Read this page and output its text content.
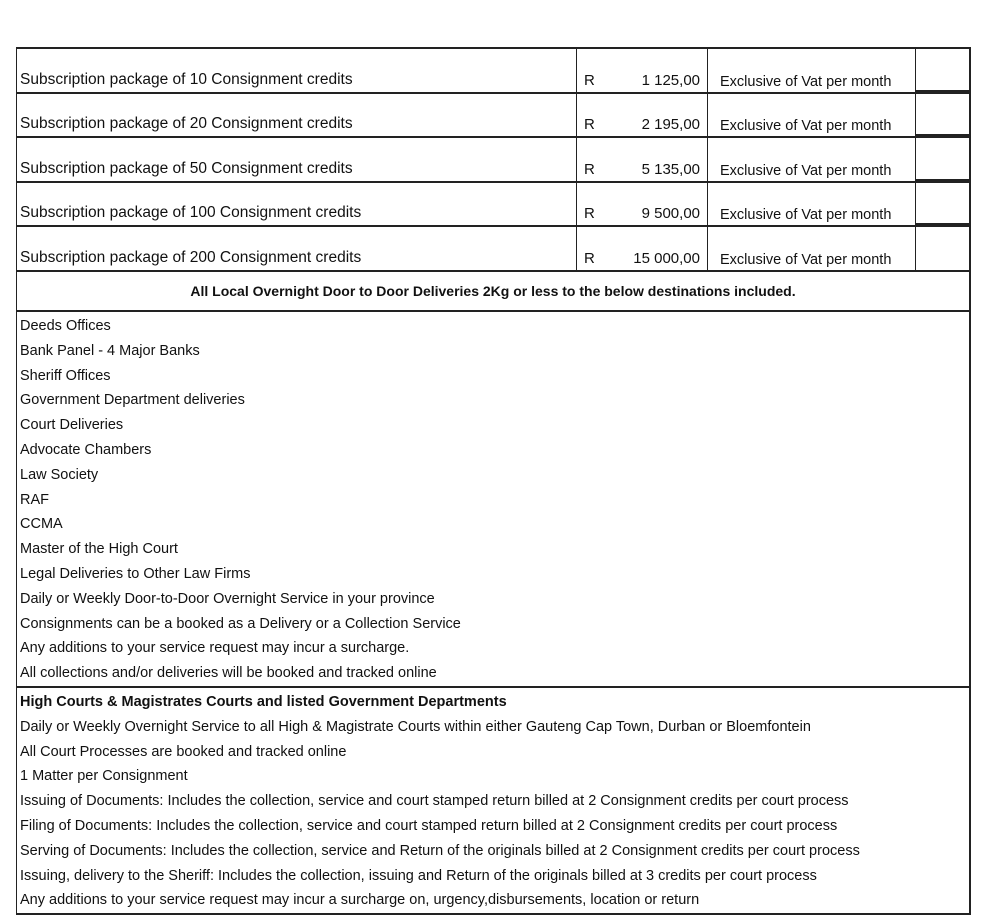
Subscription package of 10 Consignment credits	R	1 125,00	Exclusive of Vat per month
Subscription package of 20 Consignment credits	R	2 195,00	Exclusive of Vat per month
Subscription package of 50 Consignment credits	R	5 135,00	Exclusive of Vat per month
Subscription package of 100 Consignment credits	R	9 500,00	Exclusive of Vat per month
Subscription package of 200 Consignment credits	R	15 000,00	Exclusive of Vat per month
All Local Overnight Door to Door Deliveries 2Kg or less to the below destinations included.
Deeds Offices
Bank Panel - 4 Major Banks
Sheriff Offices
Government Department deliveries
Court Deliveries
Advocate Chambers
Law Society
RAF
CCMA
Master of the High Court
Legal Deliveries to Other Law Firms
Daily or Weekly Door-to-Door Overnight Service in your province
Consignments can be a booked as a Delivery or a Collection Service
Any additions to your service request may incur a surcharge.
All collections and/or deliveries will be booked and tracked online
High Courts & Magistrates Courts and listed Government Departments
Daily or Weekly Overnight Service to all High & Magistrate Courts within either Gauteng Cap Town, Durban or Bloemfontein
All Court Processes are booked and tracked online
1 Matter per Consignment
Issuing of Documents: Includes the collection, service and court stamped return billed at 2 Consignment credits per court process
Filing of Documents: Includes the collection, service and court stamped return billed at 2 Consignment credits per court process
Serving of Documents: Includes the collection, service and Return of the originals billed at 2 Consignment credits per court process
Issuing, delivery to the Sheriff: Includes the collection, issuing and Return of the originals billed at 3 credits per court process
Any additions to your service request may incur a surcharge on, urgency,disbursements, location or return
